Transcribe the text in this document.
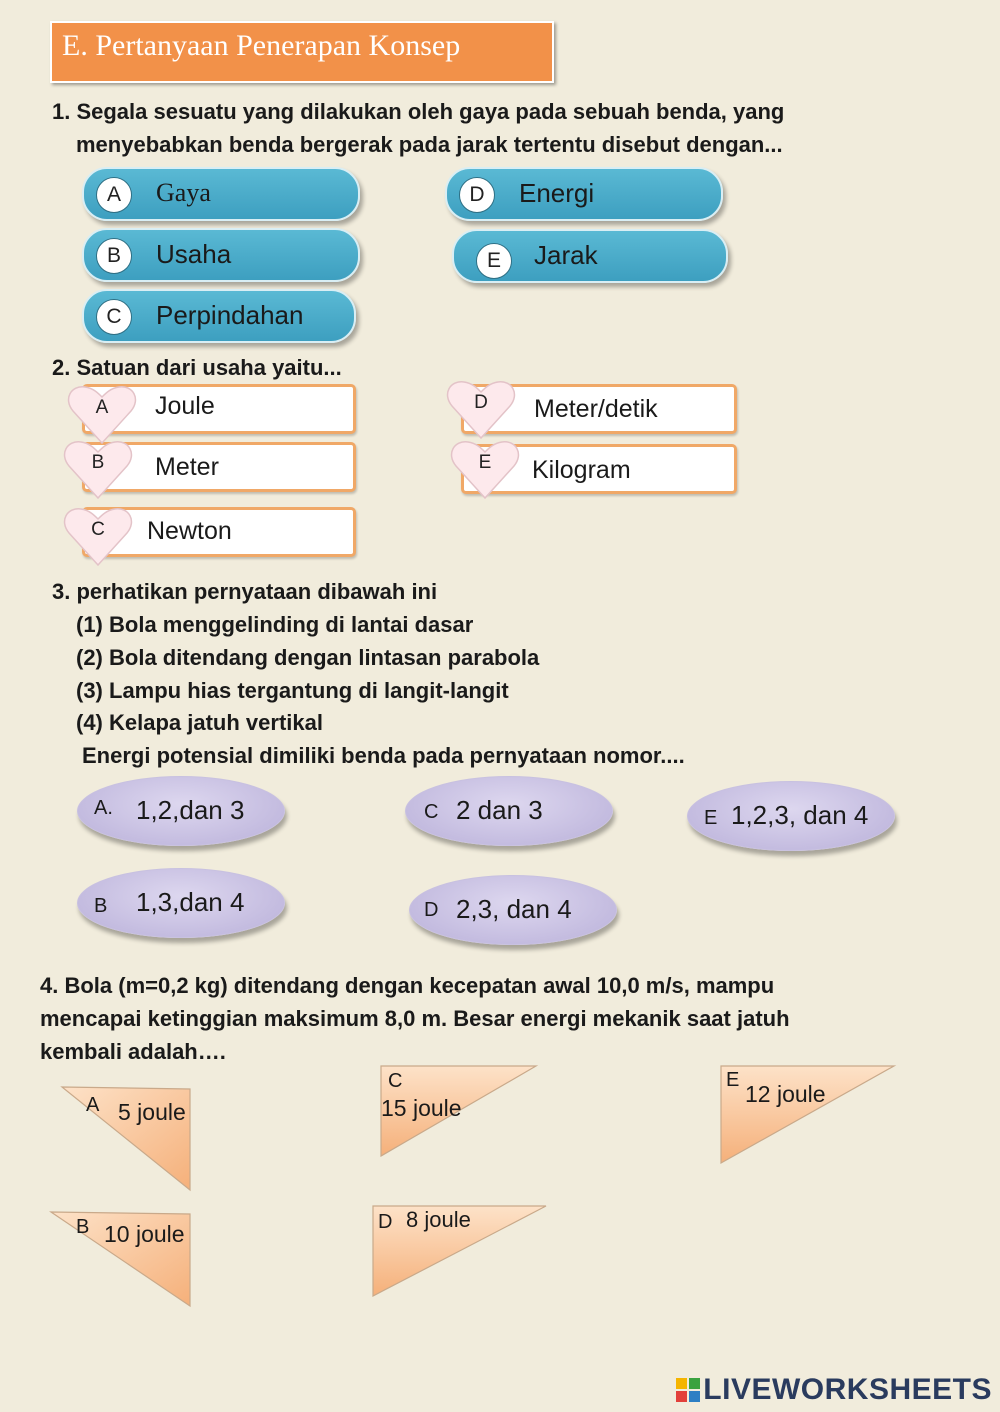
E. Pertanyaan Penerapan Konsep
1. Segala sesuatu yang dilakukan oleh gaya pada sebuah benda, yang
menyebabkan benda bergerak pada jarak tertentu disebut dengan...
A	Gaya
B	Usaha
C	Perpindahan
D	Energi
E	Jarak
2. Satuan dari usaha yaitu...
Joule
Meter
Newton
Meter/detik
Kilogram
A
B
C
D
E
3. perhatikan pernyataan dibawah ini
(1) Bola menggelinding di lantai dasar
(2) Bola ditendang dengan lintasan parabola
(3) Lampu hias tergantung di langit-langit
(4) Kelapa jatuh vertikal
Energi potensial dimiliki benda pada pernyataan nomor....
A. 1,2,dan 3
B 1,3,dan 4
C 2 dan 3
D 2,3, dan 4
E 1,2,3, dan 4
4. Bola (m=0,2 kg) ditendang dengan kecepatan awal 10,0 m/s, mampu
mencapai ketinggian maksimum 8,0 m. Besar energi mekanik saat jatuh
kembali adalah….
A 5 joule
B 10 joule
C
15 joule
D 8 joule
E
12 joule
LIVEWORKSHEETS
